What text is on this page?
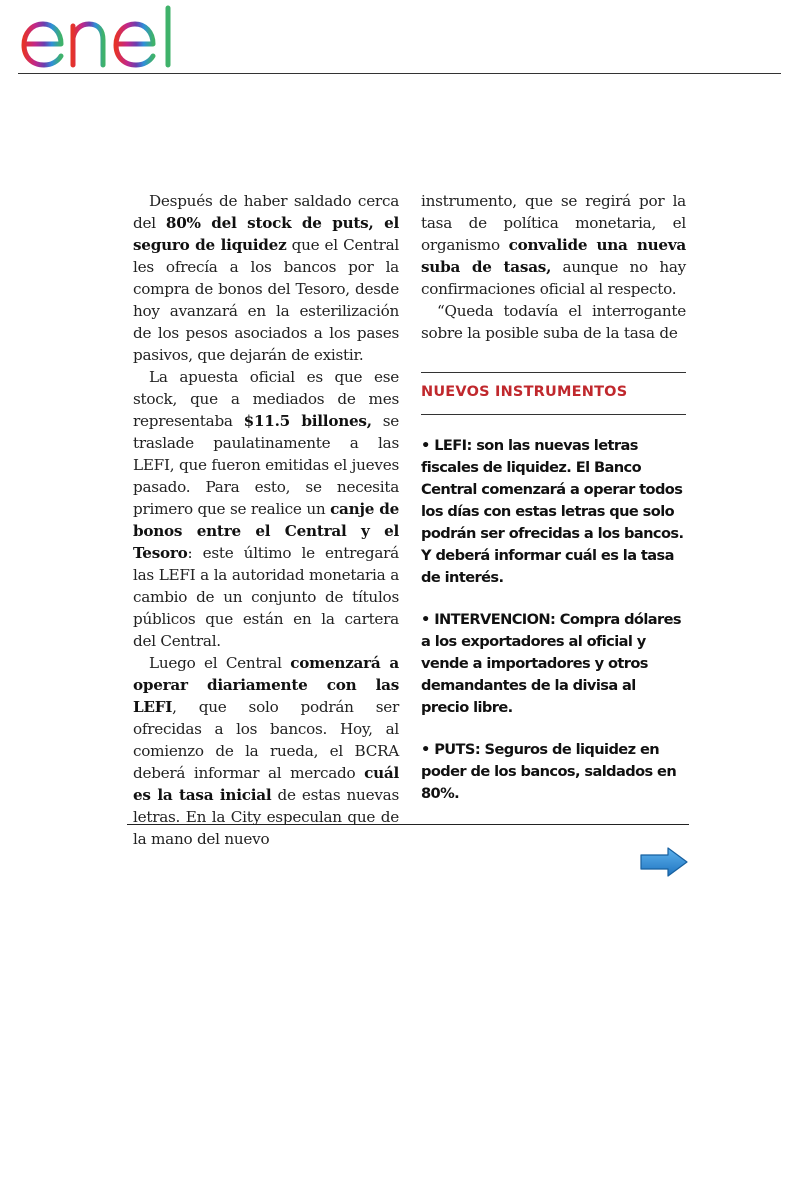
Después de haber saldado cerca del 80% del stock de puts, el seguro de liquidez que el Central les ofrecía a los bancos por la compra de bonos del Tesoro, desde hoy avanzará en la esterilización de los pesos asociados a los pases pasivos, que dejarán de existir.

La apuesta oficial es que ese stock, que a mediados de mes representaba $11.5 billones, se traslade paulatinamente a las LEFI, que fueron emitidas el jueves pasado. Para esto, se necesita primero que se realice un canje de bonos entre el Central y el Tesoro: este último le entregará las LEFI a la autoridad monetaria a cambio de un conjunto de títulos públicos que están en la cartera del Central.

Luego el Central comenzará a operar diariamente con las LEFI, que solo podrán ser ofrecidas a los bancos. Hoy, al comienzo de la rueda, el BCRA deberá informar al mercado cuál es la tasa inicial de estas nuevas letras. En la City especulan que de la mano del nuevo

instrumento, que se regirá por la tasa de política monetaria, el organismo convalide una nueva suba de tasas, aunque no hay confirmaciones oficial al respecto.

“Queda todavía el interrogante sobre la posible suba de la tasa de

NUEVOS INSTRUMENTOS
• LEFI: son las nuevas letras fiscales de liquidez. El Banco Central comenzará a operar todos los días con estas letras que solo podrán ser ofrecidas a los bancos. Y deberá informar cuál es la tasa de interés.
• INTERVENCION: Compra dólares a los exportadores al oficial y vende a importadores y otros demandantes de la divisa al precio libre.
• PUTS: Seguros de liquidez en poder de los bancos, saldados en 80%.
